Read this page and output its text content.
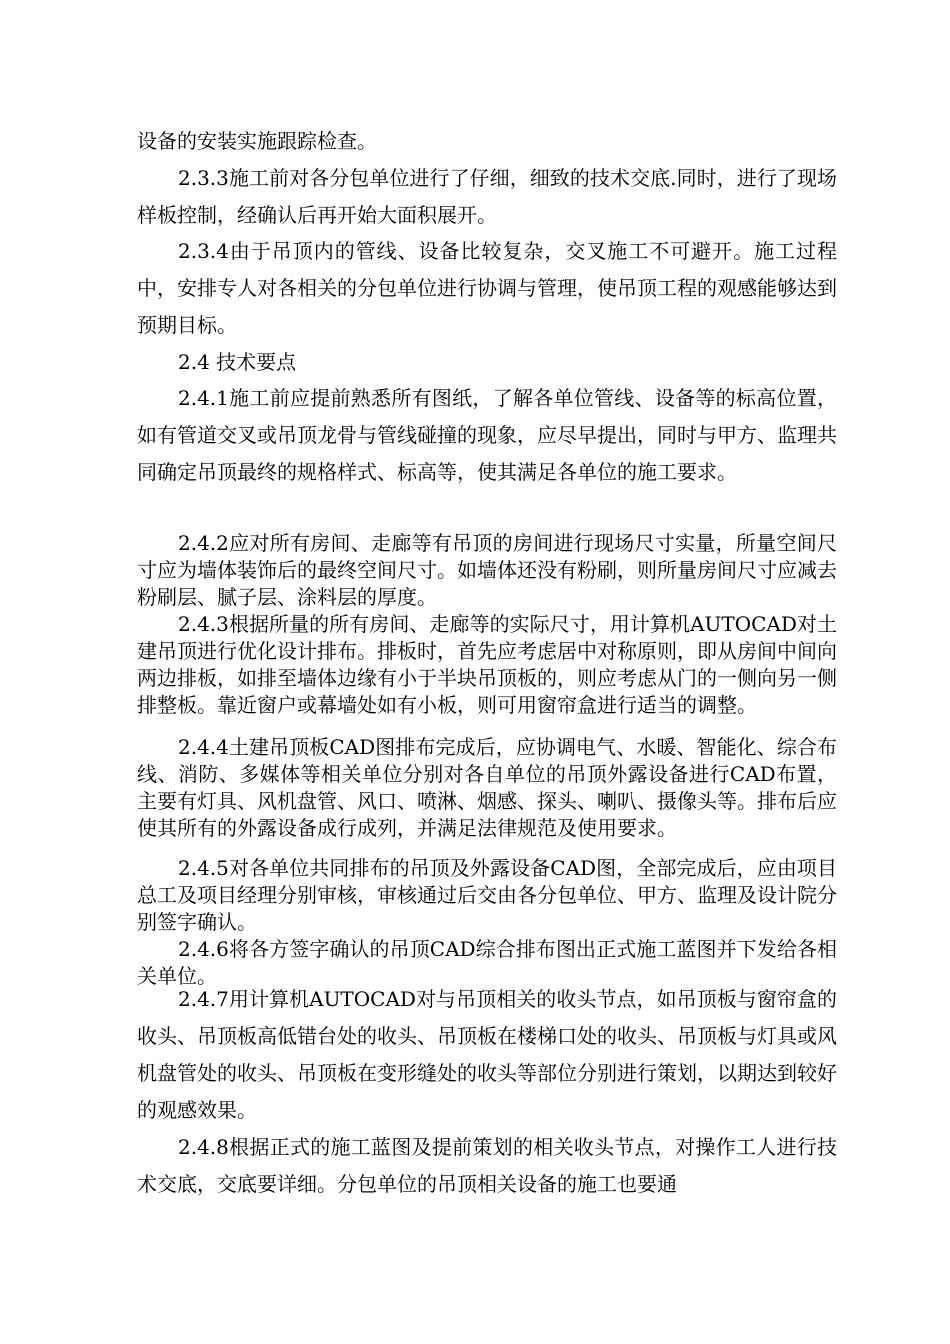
设备的安装实施跟踪检查。

2.3.3施工前对各分包单位进行了仔细，细致的技术交底.同时，进行了现场样板控制，经确认后再开始大面积展开。

2.3.4由于吊顶内的管线、设备比较复杂，交叉施工不可避开。施工过程中，安排专人对各相关的分包单位进行协调与管理，使吊顶工程的观感能够达到预期目标。

2.4 技术要点

2.4.1施工前应提前熟悉所有图纸，了解各单位管线、设备等的标高位置，如有管道交叉或吊顶龙骨与管线碰撞的现象，应尽早提出，同时与甲方、监理共同确定吊顶最终的规格样式、标高等，使其满足各单位的施工要求。

2.4.2应对所有房间、走廊等有吊顶的房间进行现场尺寸实量，所量空间尺寸应为墙体装饰后的最终空间尺寸。如墙体还没有粉刷，则所量房间尺寸应减去粉刷层、腻子层、涂料层的厚度。

2.4.3根据所量的所有房间、走廊等的实际尺寸，用计算机AUTOCAD对土建吊顶进行优化设计排布。排板时，首先应考虑居中对称原则，即从房间中间向两边排板，如排至墙体边缘有小于半块吊顶板的，则应考虑从门的一侧向另一侧排整板。靠近窗户或幕墙处如有小板，则可用窗帘盒进行适当的调整。

2.4.4土建吊顶板CAD图排布完成后，应协调电气、水暖、智能化、综合布线、消防、多媒体等相关单位分别对各自单位的吊顶外露设备进行CAD布置，主要有灯具、风机盘管、风口、喷淋、烟感、探头、喇叭、摄像头等。排布后应使其所有的外露设备成行成列，并满足法律规范及使用要求。

2.4.5对各单位共同排布的吊顶及外露设备CAD图，全部完成后，应由项目总工及项目经理分别审核，审核通过后交由各分包单位、甲方、监理及设计院分别签字确认。

2.4.6将各方签字确认的吊顶CAD综合排布图出正式施工蓝图并下发给各相关单位。

2.4.7用计算机AUTOCAD对与吊顶相关的收头节点，如吊顶板与窗帘盒的收头、吊顶板高低错台处的收头、吊顶板在楼梯口处的收头、吊顶板与灯具或风机盘管处的收头、吊顶板在变形缝处的收头等部位分别进行策划，以期达到较好的观感效果。

2.4.8根据正式的施工蓝图及提前策划的相关收头节点，对操作工人进行技术交底，交底要详细。分包单位的吊顶相关设备的施工也要通
